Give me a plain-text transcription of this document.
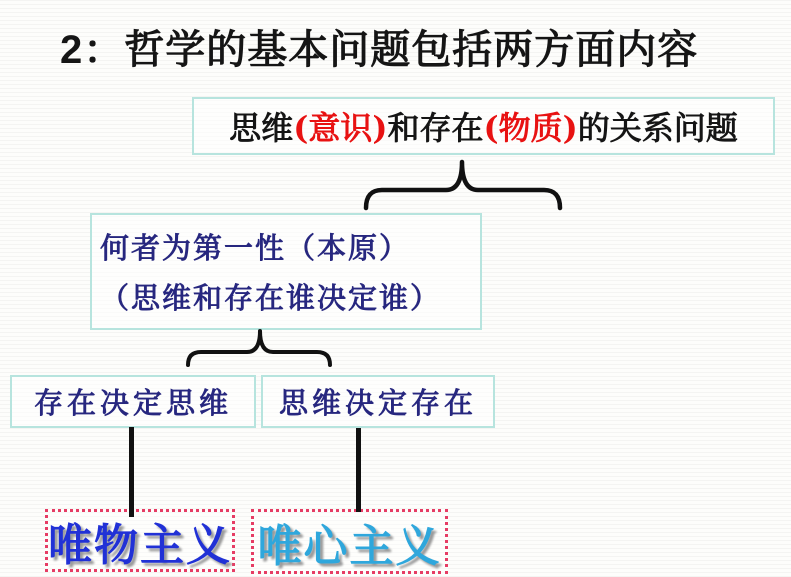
2：哲学的基本问题包括两方面内容
思维 (意识) 和存在 (物质) 的关系问题
何者为第一性（本原）
（思维和存在谁决定谁）
存在决定思维 思维决定存在
唯物主义 唯心主义
